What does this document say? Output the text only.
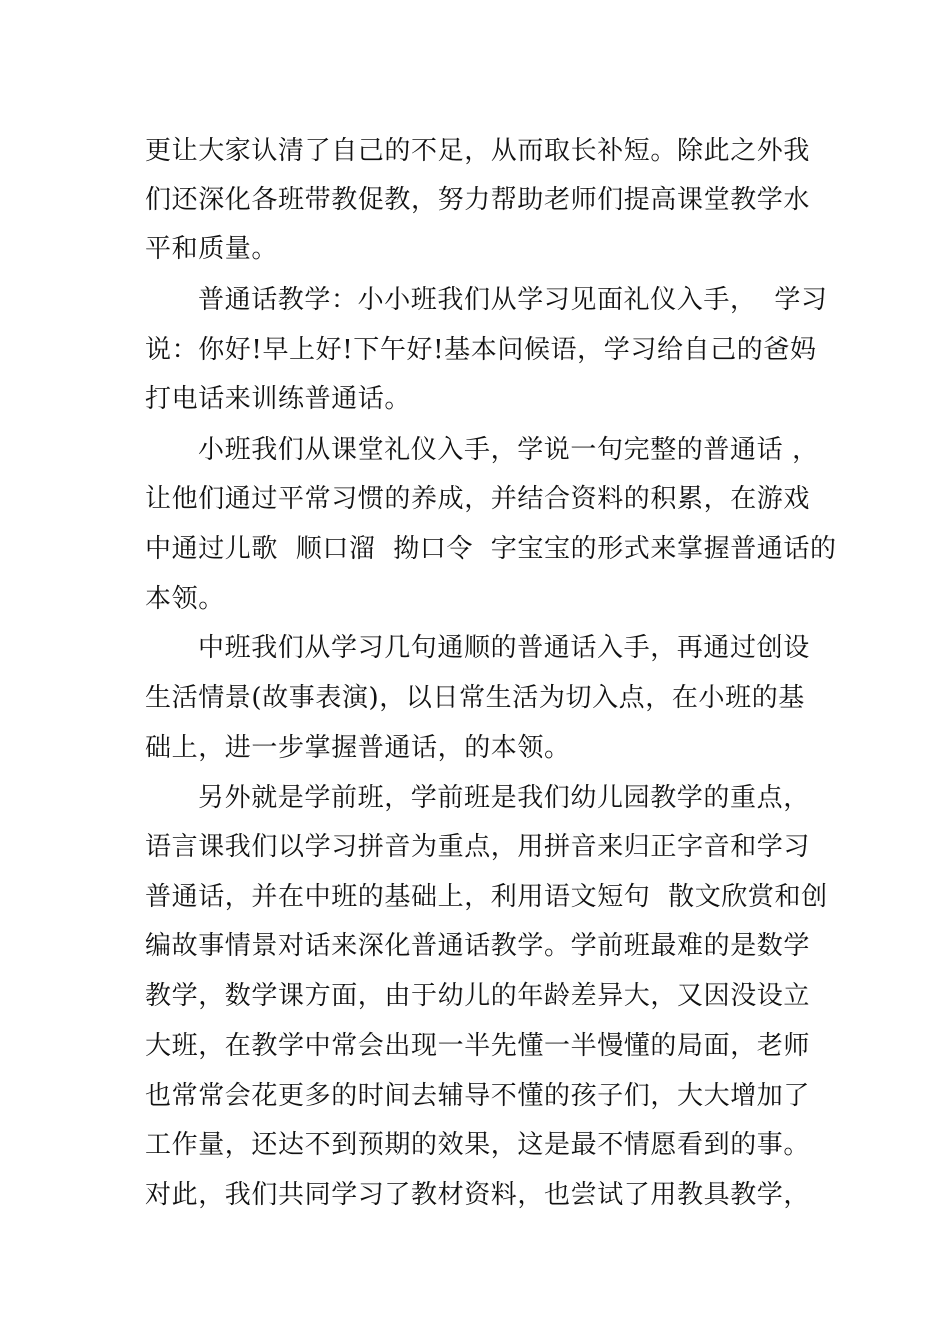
更让大家认清了自己的不足，从而取长补短。除此之外我
们还深化各班带教促教，努力帮助老师们提高课堂教学水
平和质量。
普通话教学：小小班我们从学习见面礼仪入手，  学习
说：你好!早上好!下午好!基本问候语，学习给自己的爸妈
打电话来训练普通话。
小班我们从课堂礼仪入手，学说一句完整的普通话 ，
让他们通过平常习惯的养成，并结合资料的积累，在游戏
中通过儿歌  顺口溜  拗口令  字宝宝的形式来掌握普通话的
本领。
中班我们从学习几句通顺的普通话入手，再通过创设
生活情景(故事表演)，以日常生活为切入点，在小班的基
础上，进一步掌握普通话，的本领。
另外就是学前班，学前班是我们幼儿园教学的重点，
语言课我们以学习拼音为重点，用拼音来归正字音和学习
普通话，并在中班的基础上，利用语文短句  散文欣赏和创
编故事情景对话来深化普通话教学。学前班最难的是数学
教学，数学课方面，由于幼儿的年龄差异大，又因没设立
大班，在教学中常会出现一半先懂一半慢懂的局面，老师
也常常会花更多的时间去辅导不懂的孩子们，大大增加了
工作量，还达不到预期的效果，这是最不情愿看到的事。
对此，我们共同学习了教材资料，也尝试了用教具教学，
